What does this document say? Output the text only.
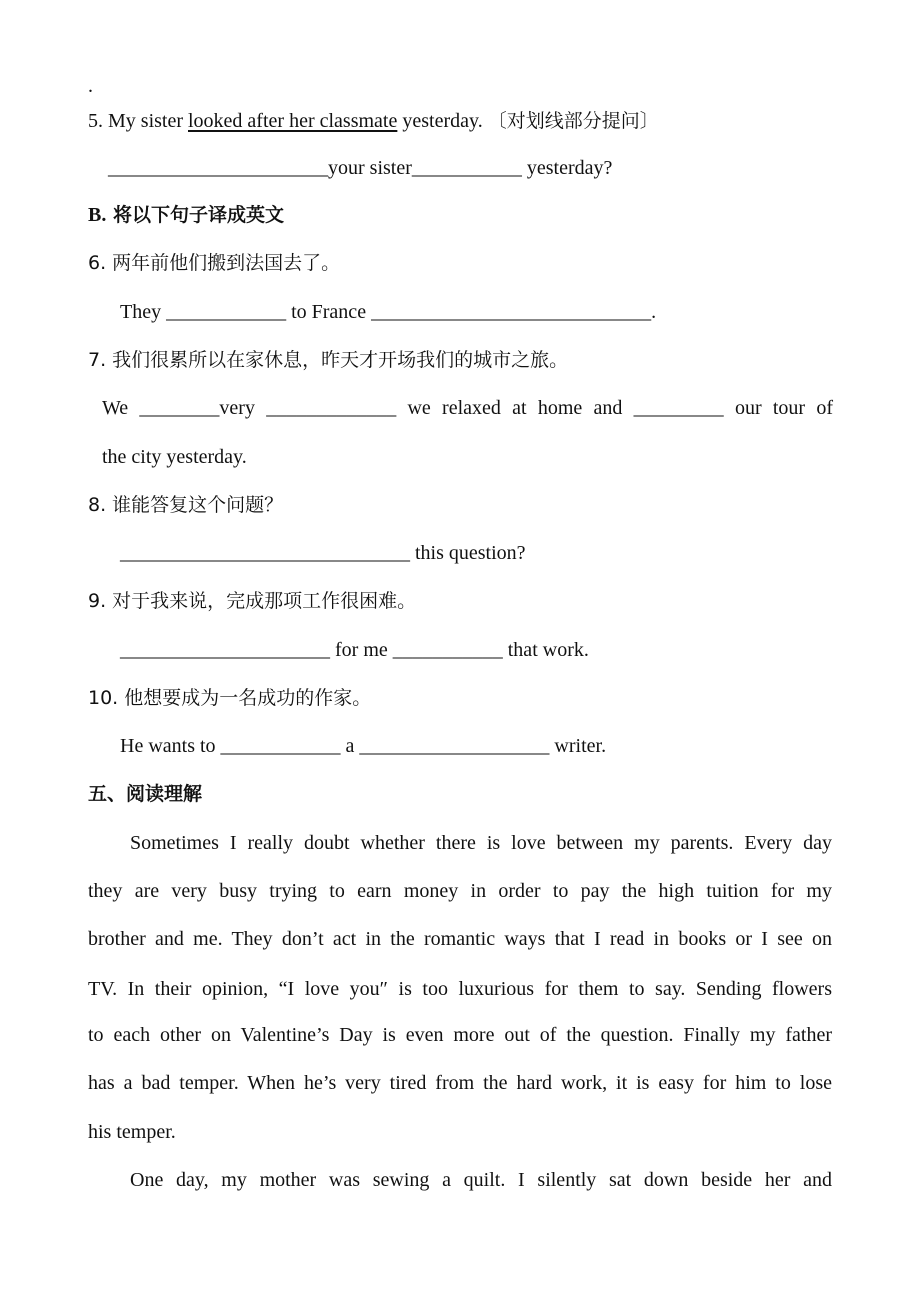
.
5. My sister looked after her classmate yesterday. 〔对划线部分提问〕
______________________your sister___________ yesterday?
B. 将以下句子译成英文
6. 两年前他们搬到法国去了。
They ____________ to France ____________________________.
7. 我们很累所以在家休息，昨天才开场我们的城市之旅。
We ________very _____________ we relaxed at home and _________ our tour of
the city yesterday.
8. 谁能答复这个问题？
_____________________________ this question?
9. 对于我来说，完成那项工作很困难。
_____________________ for me ___________ that work.
10. 他想要成为一名成功的作家。
He wants to ____________ a ___________________ writer.
五、阅读理解
Sometimes I really doubt whether there is love between my parents. Every day
they are very busy trying to earn money in order to pay the high tuition for my
brother and me. They don’t act in the romantic ways that I read in books or I see on
TV. In their opinion, “I love you″ is too luxurious for them to say. Sending flowers
to each other on Valentine’s Day is even more out of the question. Finally my father
has a bad temper. When he’s very tired from the hard work, it is easy for him to lose
his temper.
One day, my mother was sewing a quilt. I silently sat down beside her and
